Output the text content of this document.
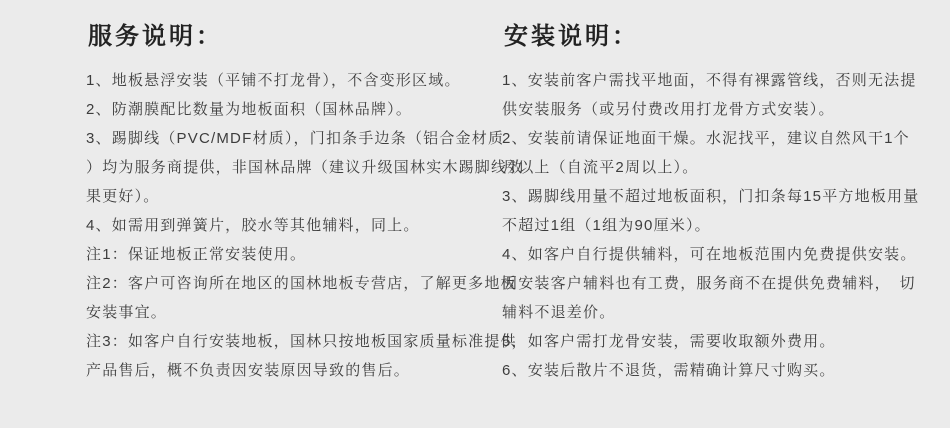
服务说明：
1、地板悬浮安装（平铺不打龙骨），不含变形区域。
2、防潮膜配比数量为地板面积（国林品牌）。
3、踢脚线（PVC/MDF材质），门扣条手边条（铝合金材质
）均为服务商提供，非国林品牌（建议升级国林实木踢脚线效
果更好）。
4、如需用到弹簧片，胶水等其他辅料，同上。
注1：保证地板正常安装使用。
注2：客户可咨询所在地区的国林地板专营店，了解更多地板
安装事宜。
注3：如客户自行安装地板，国林只按地板国家质量标准提供
产品售后，概不负责因安装原因导致的售后。
安装说明：
1、安装前客户需找平地面，不得有裸露管线，否则无法提
供安装服务（或另付费改用打龙骨方式安装）。
2、安装前请保证地面干燥。水泥找平，建议自然风干1个
月以上（自流平2周以上）。
3、踢脚线用量不超过地板面积，门扣条每15平方地板用量
不超过1组（1组为90厘米）。
4、如客户自行提供辅料，可在地板范围内免费提供安装。
因安装客户辅料也有工费，服务商不在提供免费辅料，　切
辅料不退差价。
5，如客户需打龙骨安装，需要收取额外费用。
6、安装后散片不退货，需精确计算尺寸购买。
